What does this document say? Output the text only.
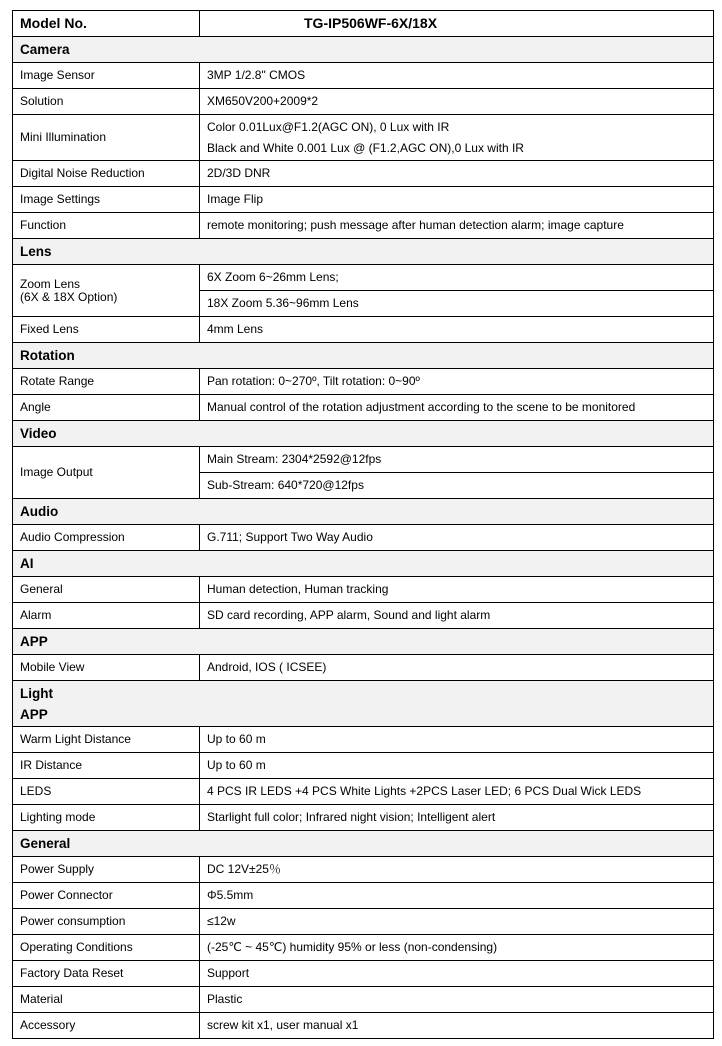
Model No.	TG-IP506WF-6X/18X
Camera	
Image Sensor	3MP 1/2.8" CMOS
Solution	XM650V200+2009*2
Mini Illumination	Color 0.01Lux@F1.2(AGC ON), 0 Lux with IR
Black and White 0.001 Lux @ (F1.2,AGC ON),0 Lux with IR

Digital Noise Reduction	2D/3D DNR
Image Settings	Image Flip
Function	remote monitoring; push message after human detection alarm; image capture
Lens	

Zoom Lens
(6X & 18X Option)	6X Zoom 6~26mm Lens;
	18X Zoom 5.36~96mm Lens
Fixed Lens	4mm Lens
Rotation	
Rotate Range	Pan rotation: 0~270º, Tilt rotation: 0~90º
Angle	Manual control of the rotation adjustment according to the scene to be monitored
Video	
Image Output	Main Stream: 2304*2592@12fps
	Sub-Stream: 640*720@12fps
Audio	
Audio Compression	G.711; Support Two Way Audio
AI	
General	Human detection, Human tracking
Alarm	SD card recording, APP alarm, Sound and light alarm
APP	
Mobile View	Android, IOS ( ICSEE)

Light
APP	

Warm Light Distance	Up to 60 m
IR Distance	Up to 60 m
LEDS	4 PCS IR LEDS +4 PCS White Lights +2PCS Laser LED; 6 PCS Dual Wick LEDS
Lighting mode	Starlight full color; Infrared night vision; Intelligent alert
General	
Power Supply	DC 12V±25％
Power Connector	Φ5.5mm
Power consumption	≤12w
Operating Conditions	(-25℃ ~ 45℃) humidity 95% or less (non-condensing)
Factory Data Reset	Support
Material	Plastic
Accessory	screw kit x1, user manual x1
